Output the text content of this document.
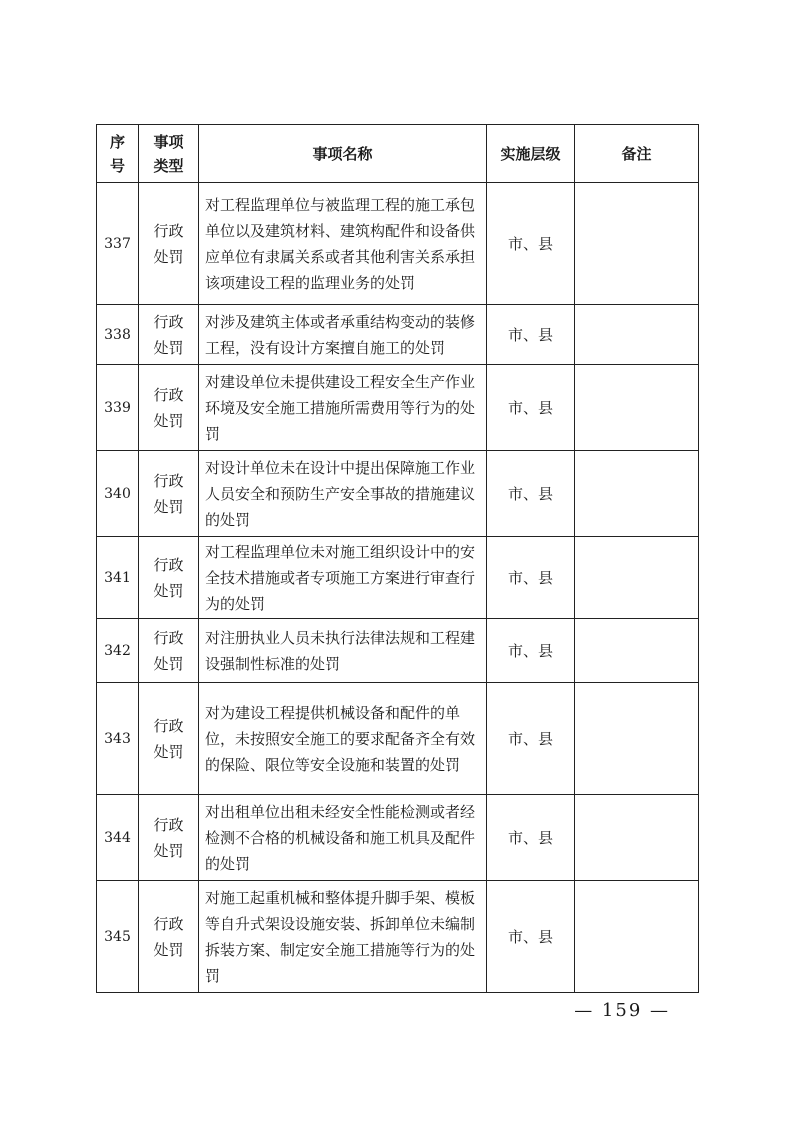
序号	事项类型	事项名称	实施层级	备注
337	行政处罚	对工程监理单位与被监理工程的施工承包单位以及建筑材料、建筑构配件和设备供应单位有隶属关系或者其他利害关系承担该项建设工程的监理业务的处罚	市、县	
338	行政处罚	对涉及建筑主体或者承重结构变动的装修工程，没有设计方案擅自施工的处罚	市、县	
339	行政处罚	对建设单位未提供建设工程安全生产作业环境及安全施工措施所需费用等行为的处罚	市、县	
340	行政处罚	对设计单位未在设计中提出保障施工作业人员安全和预防生产安全事故的措施建议的处罚	市、县	
341	行政处罚	对工程监理单位未对施工组织设计中的安全技术措施或者专项施工方案进行审查行为的处罚	市、县	
342	行政处罚	对注册执业人员未执行法律法规和工程建设强制性标准的处罚	市、县	
343	行政处罚	对为建设工程提供机械设备和配件的单位，未按照安全施工的要求配备齐全有效的保险、限位等安全设施和装置的处罚	市、县	
344	行政处罚	对出租单位出租未经安全性能检测或者经检测不合格的机械设备和施工机具及配件的处罚	市、县	
345	行政处罚	对施工起重机械和整体提升脚手架、模板等自升式架设设施安装、拆卸单位未编制拆装方案、制定安全施工措施等行为的处罚	市、县	
— 159 —
